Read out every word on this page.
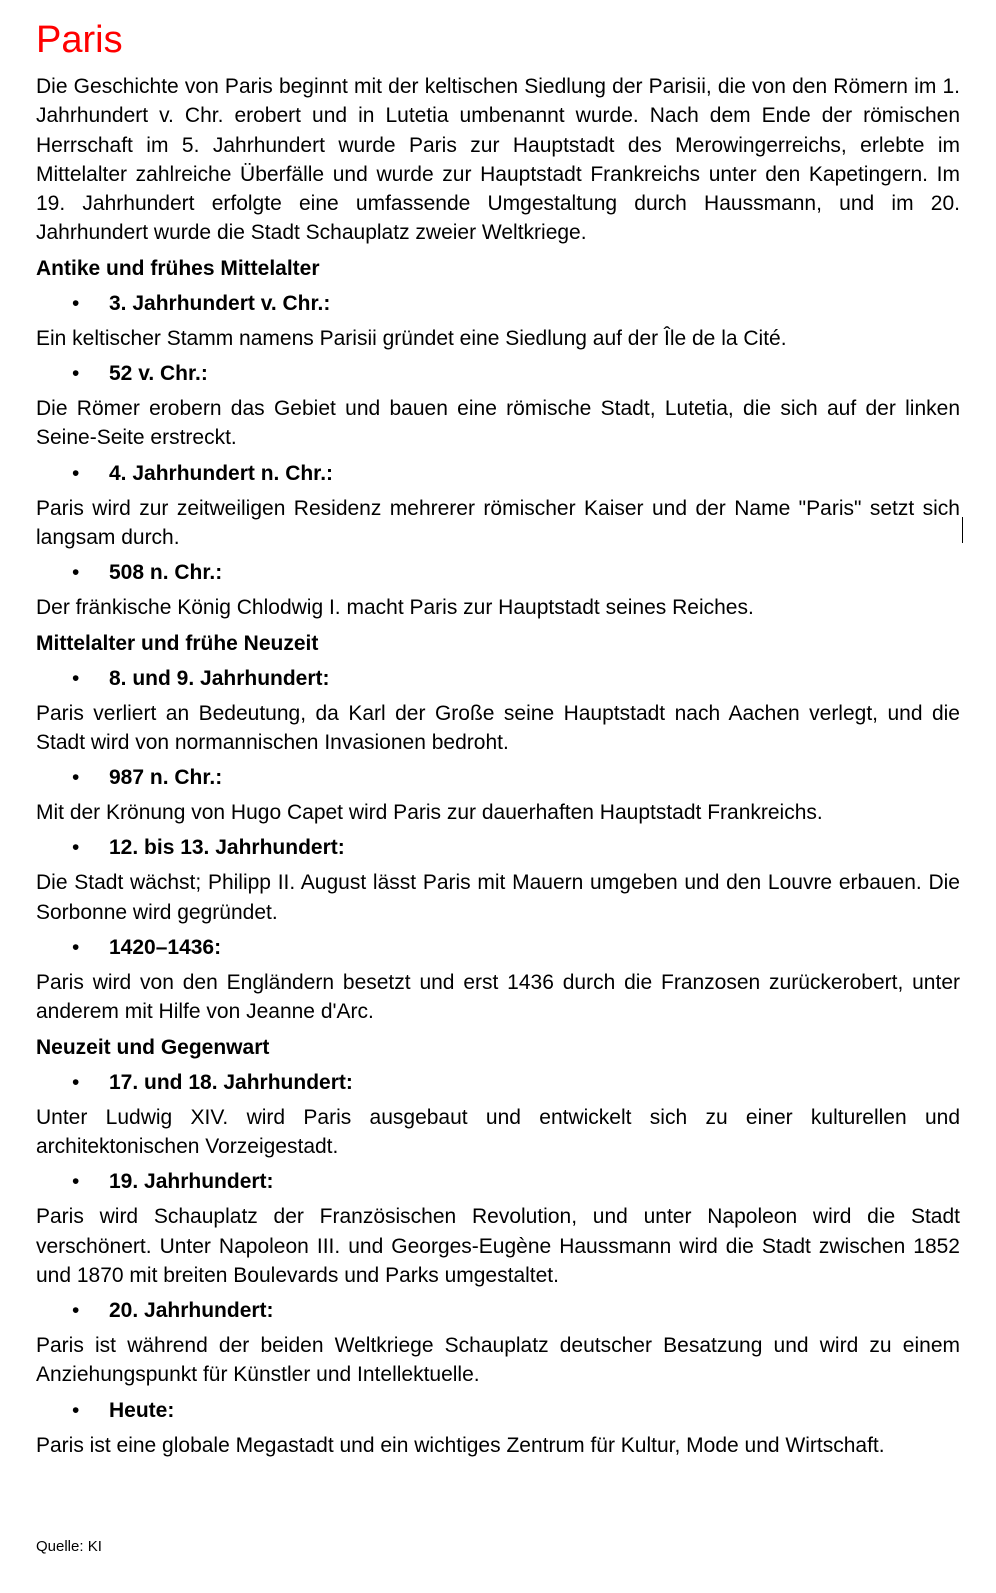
Paris

Die Geschichte von Paris beginnt mit der keltischen Siedlung der Parisii, die von den Römern im 1. Jahrhundert v. Chr. erobert und in Lutetia umbenannt wurde. Nach dem Ende der römischen Herrschaft im 5. Jahrhundert wurde Paris zur Hauptstadt des Merowingerreichs, erlebte im Mittelalter zahlreiche Überfälle und wurde zur Hauptstadt Frankreichs unter den Kapetingern. Im 19. Jahrhundert erfolgte eine umfassende Umgestaltung durch Haussmann, und im 20. Jahrhundert wurde die Stadt Schauplatz zweier Weltkriege.

Antike und frühes Mittelalter
• 3. Jahrhundert v. Chr.:

Ein keltischer Stamm namens Parisii gründet eine Siedlung auf der Île de la Cité.

• 52 v. Chr.:

Die Römer erobern das Gebiet und bauen eine römische Stadt, Lutetia, die sich auf der linken Seine-Seite erstreckt.

• 4. Jahrhundert n. Chr.:

Paris wird zur zeitweiligen Residenz mehrerer römischer Kaiser und der Name "Paris" setzt sich langsam durch.

• 508 n. Chr.:

Der fränkische König Chlodwig I. macht Paris zur Hauptstadt seines Reiches.

Mittelalter und frühe Neuzeit
• 8. und 9. Jahrhundert:

Paris verliert an Bedeutung, da Karl der Große seine Hauptstadt nach Aachen verlegt, und die Stadt wird von normannischen Invasionen bedroht.

• 987 n. Chr.:

Mit der Krönung von Hugo Capet wird Paris zur dauerhaften Hauptstadt Frankreichs.

• 12. bis 13. Jahrhundert:

Die Stadt wächst; Philipp II. August lässt Paris mit Mauern umgeben und den Louvre erbauen. Die Sorbonne wird gegründet.

• 1420–1436:

Paris wird von den Engländern besetzt und erst 1436 durch die Franzosen zurückerobert, unter anderem mit Hilfe von Jeanne d'Arc.

Neuzeit und Gegenwart
• 17. und 18. Jahrhundert:

Unter Ludwig XIV. wird Paris ausgebaut und entwickelt sich zu einer kulturellen und architektonischen Vorzeigestadt.

• 19. Jahrhundert:

Paris wird Schauplatz der Französischen Revolution, und unter Napoleon wird die Stadt verschönert. Unter Napoleon III. und Georges-Eugène Haussmann wird die Stadt zwischen 1852 und 1870 mit breiten Boulevards und Parks umgestaltet.

• 20. Jahrhundert:

Paris ist während der beiden Weltkriege Schauplatz deutscher Besatzung und wird zu einem Anziehungspunkt für Künstler und Intellektuelle.

• Heute:

Paris ist eine globale Megastadt und ein wichtiges Zentrum für Kultur, Mode und Wirtschaft.

Quelle: KI
